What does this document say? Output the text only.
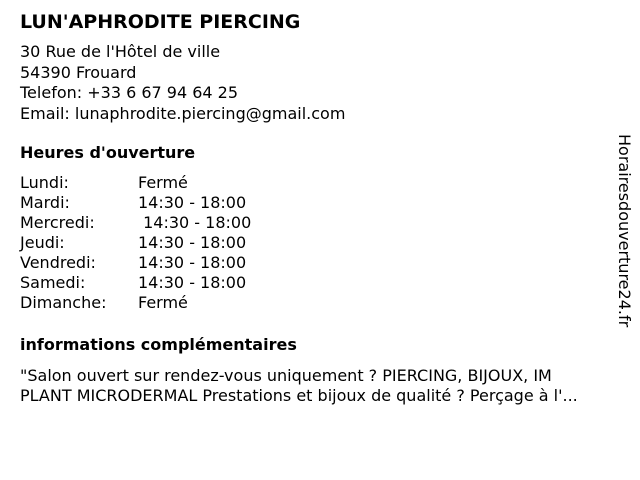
LUN'APHRODITE PIERCING
30 Rue de l'Hôtel de ville
54390 Frouard
Telefon: +33 6 67 94 64 25
Email: lunaphrodite.piercing@gmail.com
Heures d'ouverture
Lundi:	Fermé
Mardi:	14:30 - 18:00
Mercredi:	14:30 - 18:00
Jeudi:	14:30 - 18:00
Vendredi:	14:30 - 18:00
Samedi:	14:30 - 18:00
Dimanche:	Fermé
informations complémentaires
"Salon ouvert sur rendez-vous uniquement ? PIERCING, BIJOUX, IM
PLANT MICRODERMAL Prestations et bijoux de qualité ? Perçage à l'...
Horairesdouverture24.fr
